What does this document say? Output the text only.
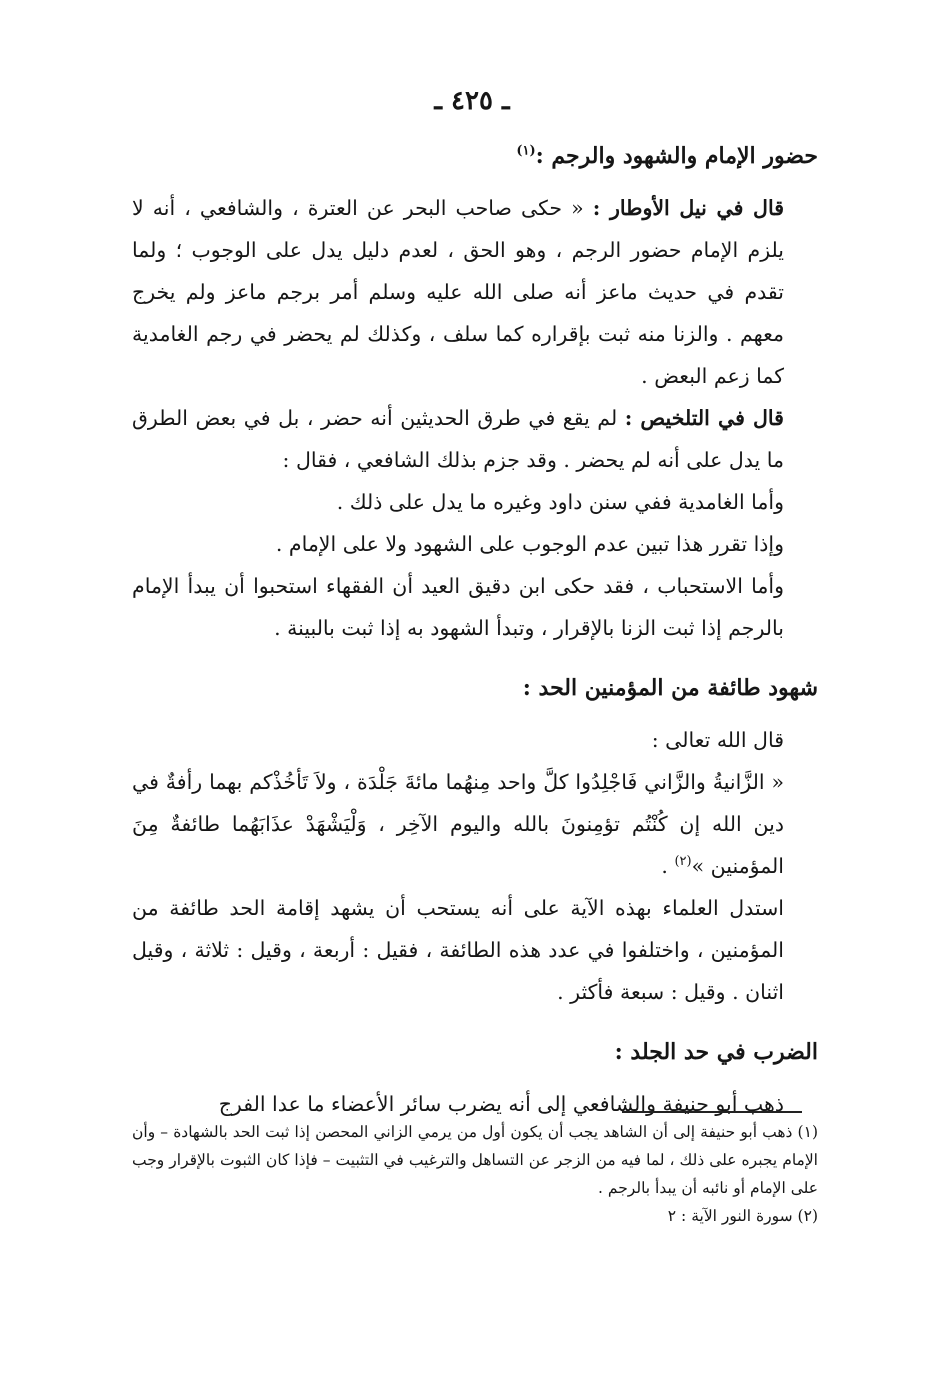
ـ ٤٢٥ ـ

حضور الإمام والشهود والرجم :$^{(١)}$

قال في نيل الأوطار : « حكى صاحب البحر عن العترة ، والشافعي ، أنه لا يلزم الإمام حضور الرجم ، وهو الحق ، لعدم دليل يدل على الوجوب ؛ ولما تقدم في حديث ماعز أنه صلى الله عليه وسلم أمر برجم ماعز ولم يخرج معهم . والزنا منه ثبت بإقراره كما سلف ، وكذلك لم يحضر في رجم الغامدية كما زعم البعض .

قال في التلخيص : لم يقع في طرق الحديثين أنه حضر ، بل في بعض الطرق ما يدل على أنه لم يحضر . وقد جزم بذلك الشافعي ، فقال :

وأما الغامدية ففي سنن داود وغيره ما يدل على ذلك .

وإذا تقرر هذا تبين عدم الوجوب على الشهود ولا على الإمام .

وأما الاستحباب ، فقد حكى ابن دقيق العيد أن الفقهاء استحبوا أن يبدأ الإمام بالرجم إذا ثبت الزنا بالإقرار ، وتبدأ الشهود به إذا ثبت بالبينة .

شهود طائفة من المؤمنين الحد :

قال الله تعالى :

« الزَّانيةُ والزَّاني فَاجْلِدُوا كلَّ واحد مِنهُما مائةَ جَلْدَة ، ولاَ تَأخُذْكم بهما رأفةٌ في دين الله إن كُنْتُم تؤمِنونَ بالله واليوم الآخِر ، وَلْيَشْهَدْ عذَابَهُما طائفةٌ مِنَ المؤمنين »$^{(٢)}$ .

استدل العلماء بهذه الآية على أنه يستحب أن يشهد إقامة الحد طائفة من المؤمنين ، واختلفوا في عدد هذه الطائفة ، فقيل : أربعة ، وقيل : ثلاثة ، وقيل اثنان . وقيل : سبعة فأكثر .

الضرب في حد الجلد :

ذهب أبو حنيفة والشافعي إلى أنه يضرب سائر الأعضاء ما عدا الفرج

(١) ذهب أبو حنيفة إلى أن الشاهد يجب أن يكون أول من يرمي الزاني المحصن إذا ثبت الحد بالشهادة – وأن الإمام يجبره على ذلك ، لما فيه من الزجر عن التساهل والترغيب في التثبيت – فإذا كان الثبوت بالإقرار وجب على الإمام أو نائبه أن يبدأ بالرجم .

(٢) سورة النور الآية : ٢
